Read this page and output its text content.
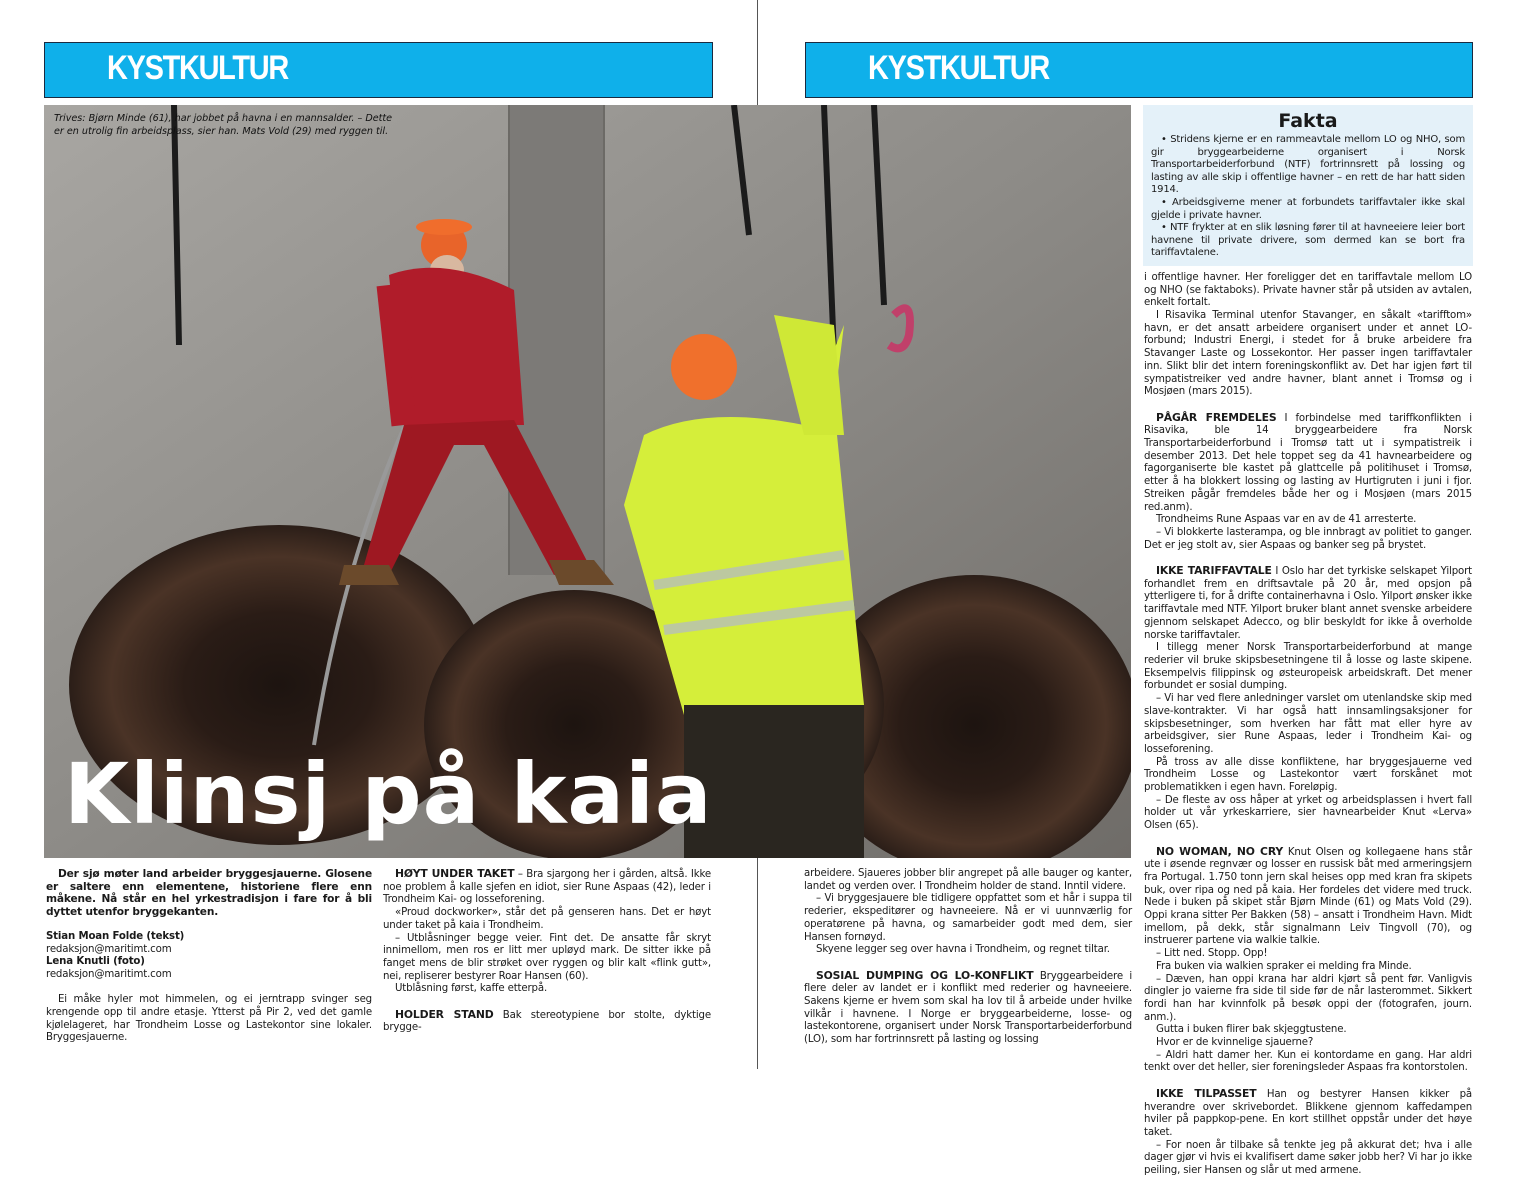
KYSTKULTUR	KYSTKULTUR
Trives: Bjørn Minde (61), har jobbet på havna i en mannsalder. – Dette er en utrolig fin arbeidsplass, sier han. Mats Vold (29) med ryggen til.
Klinsj på kaia

Der sjø møter land arbeider bryggesjauerne. Glosene er saltere enn elementene, historiene flere enn måkene. Nå står en hel yrkestradisjon i fare for å bli dyttet utenfor bryggekanten.

Stian Moan Folde (tekst)
redaksjon@maritimt.com
Lena Knutli (foto)
redaksjon@maritimt.com

Ei måke hyler mot himmelen, og ei jerntrapp svinger seg krengende opp til andre etasje. Ytterst på Pir 2, ved det gamle kjølelageret, har Trondheim Losse og Lastekontor sine lokaler. Bryggesjauerne.

HØYT UNDER TAKET – Bra sjargong her i gården, altså. Ikke noe problem å kalle sjefen en idiot, sier Rune Aspaas (42), leder i Trondheim Kai- og losseforening.

«Proud dockworker», står det på genseren hans. Det er høyt under taket på kaia i Trondheim.

– Utblåsninger begge veier. Fint det. De ansatte får skryt innimellom, men ros er litt mer upløyd mark. De sitter ikke på fanget mens de blir strøket over ryggen og blir kalt «flink gutt», nei, repliserer bestyrer Roar Hansen (60).

Utblåsning først, kaffe etterpå.

HOLDER STAND Bak stereotypiene bor stolte, dyktige brygge-

arbeidere. Sjaueres jobber blir angrepet på alle bauger og kanter, landet og verden over. I Trondheim holder de stand. Inntil videre.

– Vi bryggesjauere ble tidligere oppfattet som et hår i suppa til rederier, ekspeditører og havneeiere. Nå er vi uunnværlig for operatørene på havna, og samarbeider godt med dem, sier Hansen fornøyd.

Skyene legger seg over havna i Trondheim, og regnet tiltar.

SOSIAL DUMPING OG LO-KONFLIKT Bryggearbeidere i flere deler av landet er i konflikt med rederier og havneeiere. Sakens kjerne er hvem som skal ha lov til å arbeide under hvilke vilkår i havnene. I Norge er bryggearbeiderne, losse- og lastekontorene, organisert under Norsk Transportarbeiderforbund (LO), som har fortrinnsrett på lasting og lossing

Fakta

• Stridens kjerne er en rammeavtale mellom LO og NHO, som gir bryggearbeiderne organisert i Norsk Transportarbeiderforbund (NTF) fortrinnsrett på lossing og lasting av alle skip i offentlige havner – en rett de har hatt siden 1914.

• Arbeidsgiverne mener at forbundets tariffavtaler ikke skal gjelde i private havner.

• NTF frykter at en slik løsning fører til at havneeiere leier bort havnene til private drivere, som dermed kan se bort fra tariffavtalene.

i offentlige havner. Her foreligger det en tariffavtale mellom LO og NHO (se faktaboks). Private havner står på utsiden av avtalen, enkelt fortalt.

I Risavika Terminal utenfor Stavanger, en såkalt «tarifftom» havn, er det ansatt arbeidere organisert under et annet LO-forbund; Industri Energi, i stedet for å bruke arbeidere fra Stavanger Laste og Lossekontor. Her passer ingen tariffavtaler inn. Slikt blir det intern foreningskonflikt av. Det har igjen ført til sympatistreiker ved andre havner, blant annet i Tromsø og i Mosjøen (mars 2015).

PÅGÅR FREMDELES I forbindelse med tariffkonflikten i Risavika, ble 14 bryggearbeidere fra Norsk Transportarbeiderforbund i Tromsø tatt ut i sympatistreik i desember 2013. Det hele toppet seg da 41 havnearbeidere og fagorganiserte ble kastet på glattcelle på politihuset i Tromsø, etter å ha blokkert lossing og lasting av Hurtigruten i juni i fjor. Streiken pågår fremdeles både her og i Mosjøen (mars 2015 red.anm).

Trondheims Rune Aspaas var en av de 41 arresterte.

– Vi blokkerte lasterampa, og ble innbragt av politiet to ganger. Det er jeg stolt av, sier Aspaas og banker seg på brystet.

IKKE TARIFFAVTALE I Oslo har det tyrkiske selskapet Yilport forhandlet frem en driftsavtale på 20 år, med opsjon på ytterligere ti, for å drifte containerhavna i Oslo. Yilport ønsker ikke tariffavtale med NTF. Yilport bruker blant annet svenske arbeidere gjennom selskapet Adecco, og blir beskyldt for ikke å overholde norske tariffavtaler.

I tillegg mener Norsk Transportarbeiderforbund at mange rederier vil bruke skipsbesetningene til å losse og laste skipene. Eksempelvis filippinsk og østeuropeisk arbeidskraft. Det mener forbundet er sosial dumping.

– Vi har ved flere anledninger varslet om utenlandske skip med slave-kontrakter. Vi har også hatt innsamlingsaksjoner for skipsbesetninger, som hverken har fått mat eller hyre av arbeidsgiver, sier Rune Aspaas, leder i Trondheim Kai- og losseforening.

På tross av alle disse konfliktene, har bryggesjauerne ved Trondheim Losse og Lastekontor vært forskånet mot problematikken i egen havn. Foreløpig.

– De fleste av oss håper at yrket og arbeidsplassen i hvert fall holder ut vår yrkeskarriere, sier havnearbeider Knut «Lerva» Olsen (65).

NO WOMAN, NO CRY Knut Olsen og kollegaene hans står ute i øsende regnvær og losser en russisk båt med armeringsjern fra Portugal. 1.750 tonn jern skal heises opp med kran fra skipets buk, over ripa og ned på kaia. Her fordeles det videre med truck. Nede i buken på skipet står Bjørn Minde (61) og Mats Vold (29). Oppi krana sitter Per Bakken (58) – ansatt i Trondheim Havn. Midt imellom, på dekk, står signalmann Leiv Tingvoll (70), og instruerer partene via walkie talkie.

– Litt ned. Stopp. Opp!

Fra buken via walkien spraker ei melding fra Minde.

– Dæven, han oppi krana har aldri kjørt så pent før. Vanligvis dingler jo vaierne fra side til side før de når lasterommet. Sikkert fordi han har kvinnfolk på besøk oppi der (fotografen, journ. anm.).

Gutta i buken flirer bak skjeggtustene.

Hvor er de kvinnelige sjauerne?

– Aldri hatt damer her. Kun ei kontordame en gang. Har aldri tenkt over det heller, sier foreningsleder Aspaas fra kontorstolen.

IKKE TILPASSET Han og bestyrer Hansen kikker på hverandre over skrivebordet. Blikkene gjennom kaffedampen hviler på pappkop-pene. En kort stillhet oppstår under det høye taket.

– For noen år tilbake så tenkte jeg på akkurat det; hva i alle dager gjør vi hvis ei kvalifisert dame søker jobb her? Vi har jo ikke peiling, sier Hansen og slår ut med armene.
